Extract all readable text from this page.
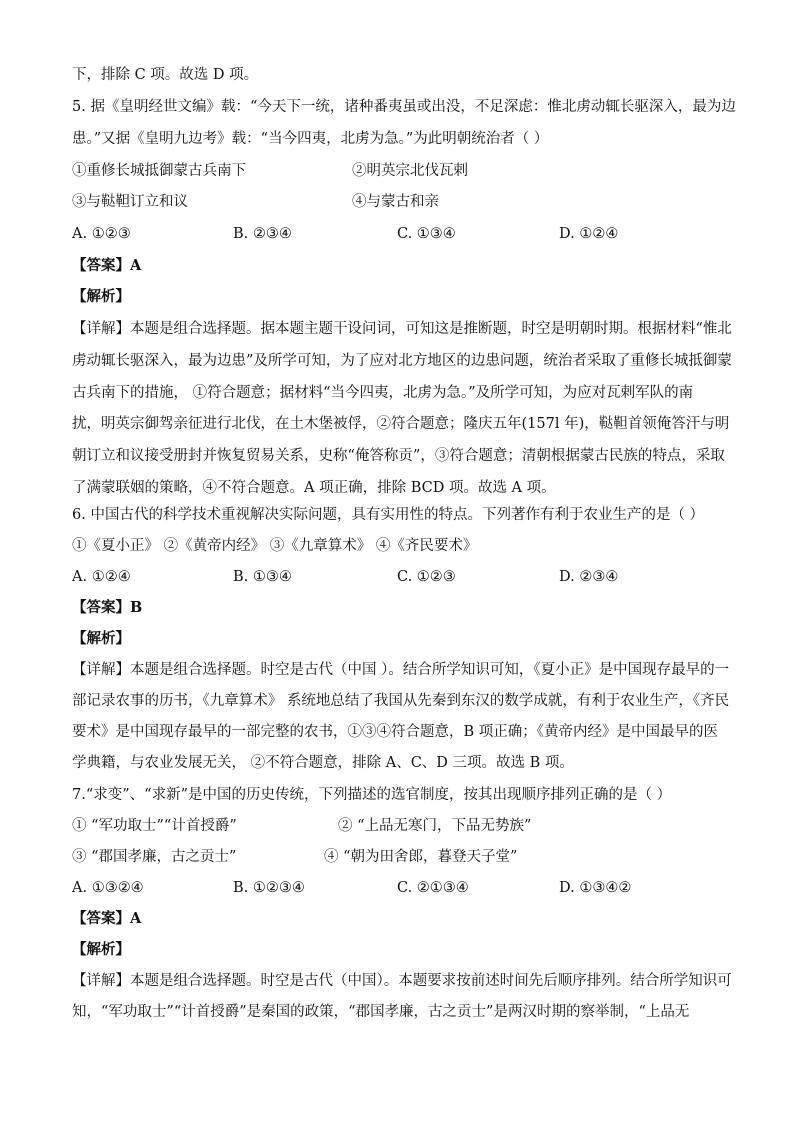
下，排除 C 项。故选 D 项。
5. 据《皇明经世文编》载：“今天下一统，诸种番夷虽或出没，不足深虑：惟北虏动辄长驱深入，最为边
患。”又据《皇明九边考》载：“当今四夷，北虏为急。”为此明朝统治者（ ）
①重修长城抵御蒙古兵南下	②明英宗北伐瓦剌
③与鞑靼订立和议	④与蒙古和亲
A. ①②③	B. ②③④	C. ①③④	D. ①②④
【答案】A
【解析】
【详解】本题是组合选择题。据本题主题干设问词，可知这是推断题，时空是明朝时期。根据材料“惟北
虏动辄长驱深入，最为边患”及所学可知，为了应对北方地区的边患问题，统治者采取了重修长城抵御蒙
古兵南下的措施， ①符合题意；据材料“当今四夷，北虏为急。”及所学可知，为应对瓦剌军队的南
扰，明英宗御驾亲征进行北伐，在土木堡被俘，②符合题意；隆庆五年(157l 年)，鞑靼首领俺答汗与明
朝订立和议接受册封并恢复贸易关系，史称“俺答称贡”，③符合题意；清朝根据蒙古民族的特点，采取
了满蒙联姻的策略，④不符合题意。A 项正确，排除 BCD 项。故选 A 项。
6. 中国古代的科学技术重视解决实际问题，具有实用性的特点。下列著作有利于农业生产的是（ ）
①《夏小正》 ②《黄帝内经》 ③《九章算术》 ④《齐民要术》
A. ①②④	B. ①③④	C. ①②③	D. ②③④
【答案】B
【解析】
【详解】本题是组合选择题。时空是古代（中国 ）。结合所学知识可知，《夏小正》是中国现存最早的一
部记录农事的历书，《九章算术》 系统地总结了我国从先秦到东汉的数学成就，有利于农业生产，《齐民
要术》是中国现存最早的一部完整的农书，①③④符合题意，B 项正确；《黄帝内经》是中国最早的医
学典籍，与农业发展无关， ②不符合题意，排除 A、C、D 三项。故选 B 项。
7.“求变”、“求新”是中国的历史传统，下列描述的选官制度，按其出现顺序排列正确的是（ ）
① “军功取士”“计首授爵”	② “上品无寒门，下品无势族”
③ “郡国孝廉，古之贡士”	④ “朝为田舍郎，暮登天子堂”
A. ①③②④	B. ①②③④	C. ②①③④	D. ①③④②
【答案】A
【解析】
【详解】本题是组合选择题。时空是古代（中国）。本题要求按前述时间先后顺序排列。结合所学知识可
知，“军功取士”“计首授爵”是秦国的政策，“郡国孝廉，古之贡士”是两汉时期的察举制，“上品无
